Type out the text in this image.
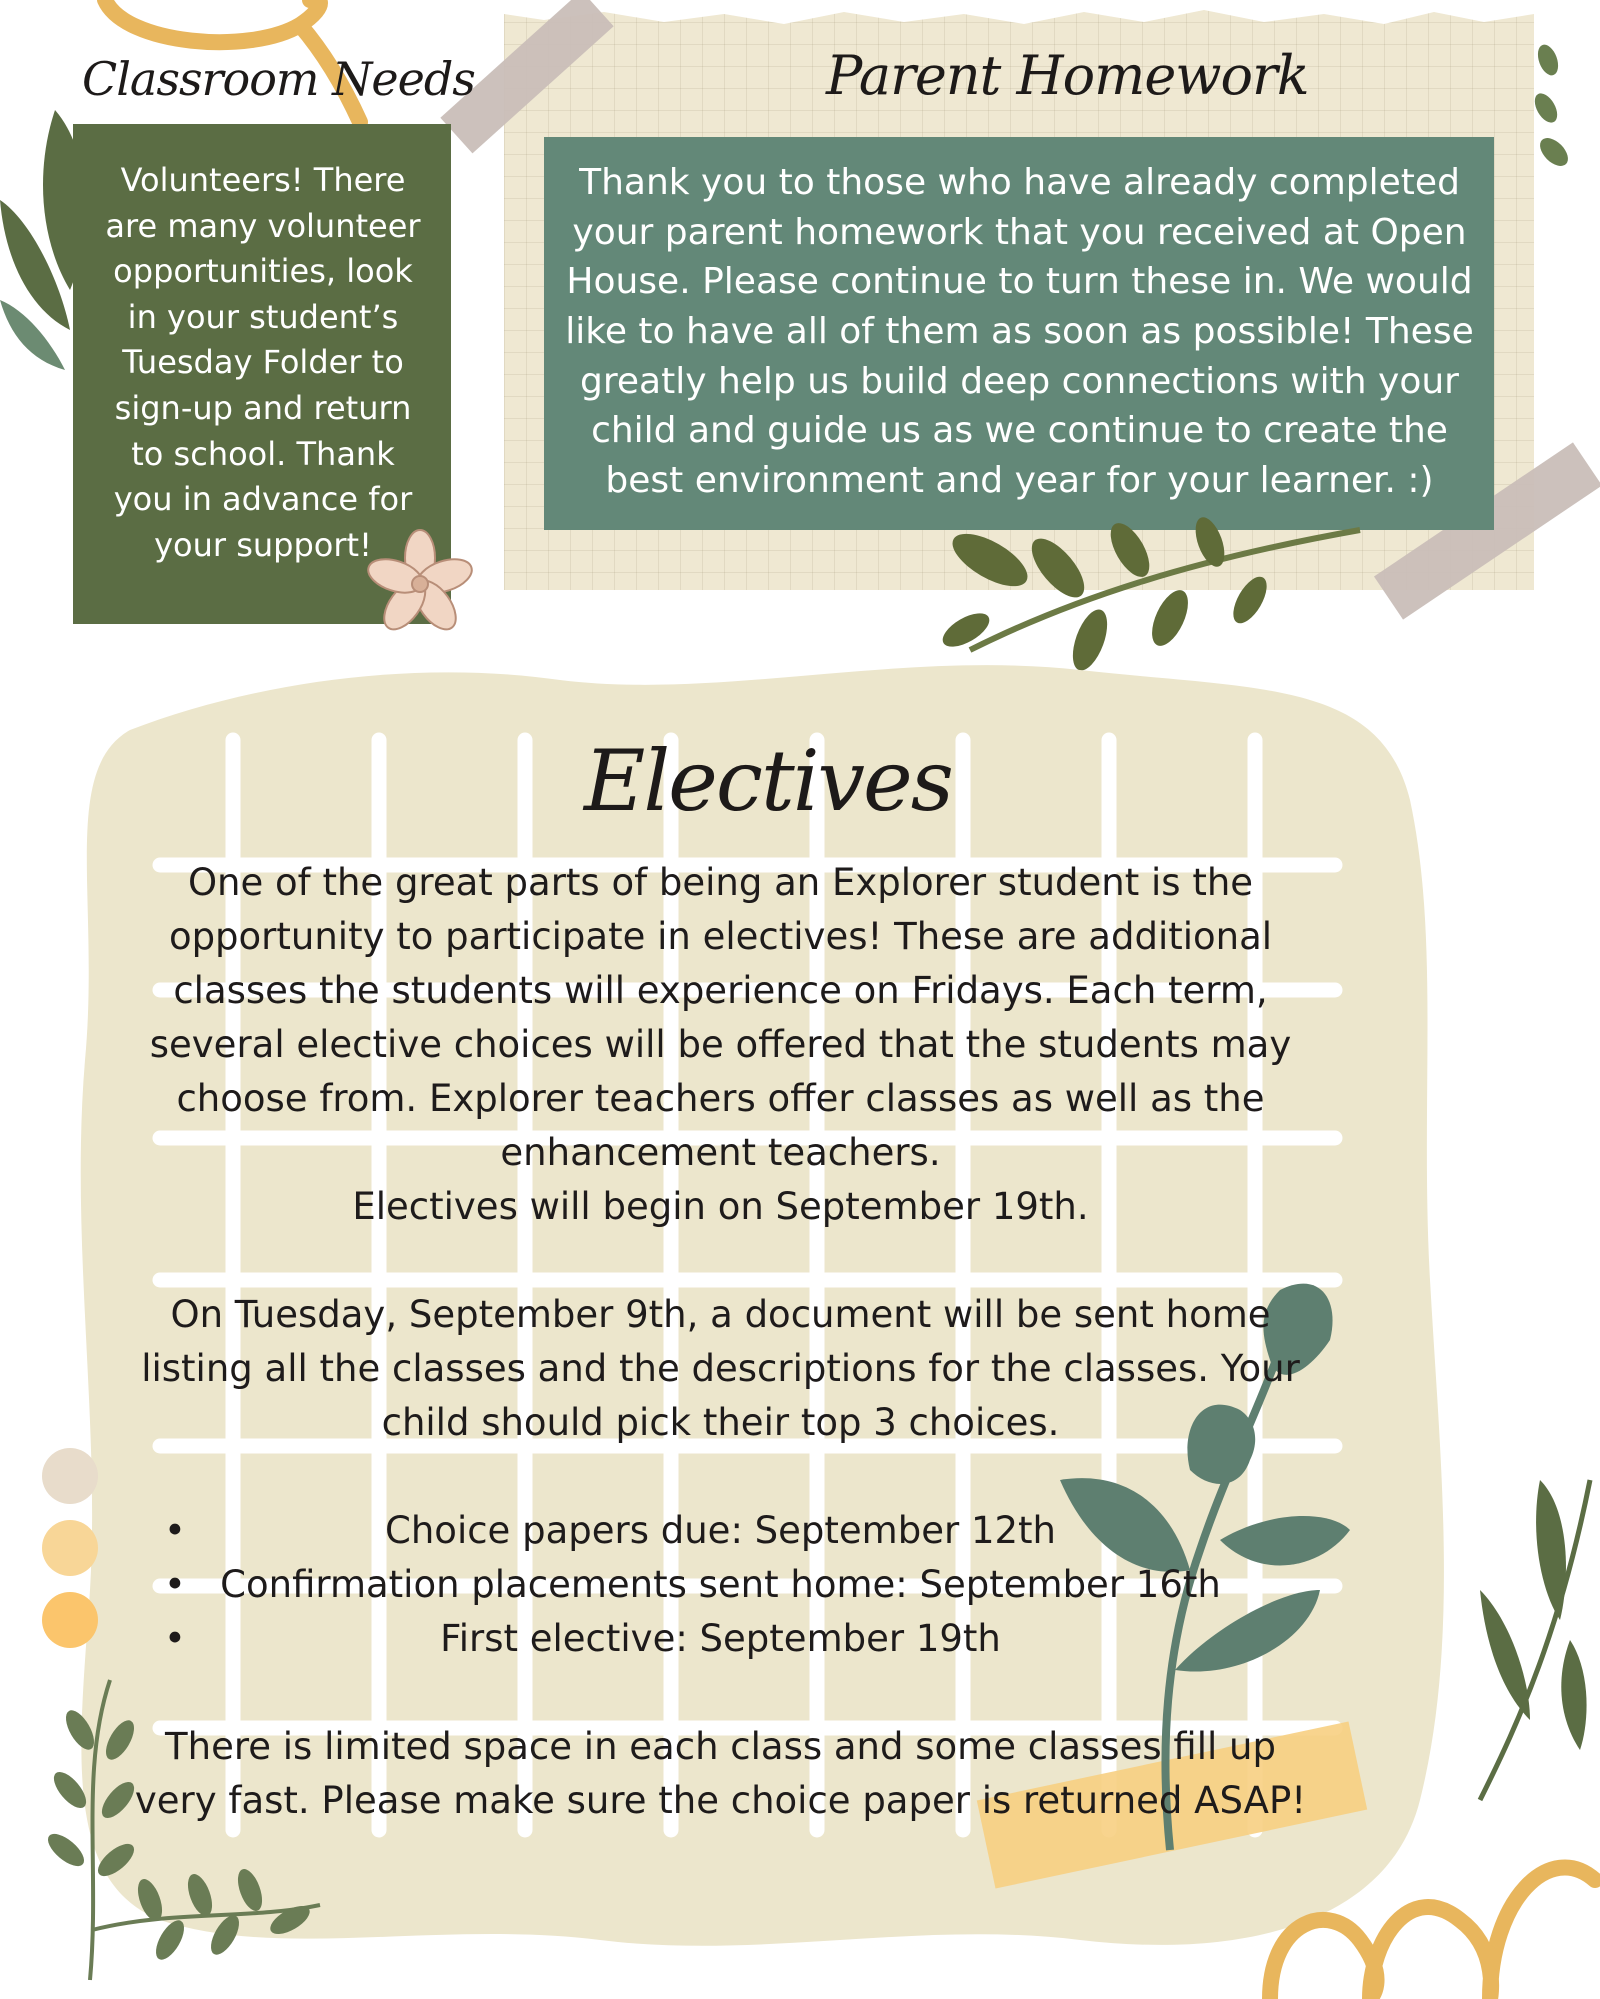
Classroom Needs
Volunteers! There are many volunteer opportunities, look in your student’s Tuesday Folder to sign-up and return to school. Thank you in advance for your support!
Parent Homework
Thank you to those who have already completed your parent homework that you received at Open House. Please continue to turn these in. We would like to have all of them as soon as possible! These greatly help us build deep connections with your child and guide us as we continue to create the best environment and year for your learner. :)
Electives

One of the great parts of being an Explorer student is the opportunity to participate in electives! These are additional classes the students will experience on Fridays. Each term, several elective choices will be offered that the students may choose from. Explorer teachers offer classes as well as the enhancement teachers.

Electives will begin on September 19th.

On Tuesday, September 9th, a document will be sent home listing all the classes and the descriptions for the classes. Your child should pick their top 3 choices.

• Choice papers due: September 12th
• Confirmation placements sent home: September 16th
• First elective: September 19th

There is limited space in each class and some classes fill up very fast. Please make sure the choice paper is returned ASAP!
